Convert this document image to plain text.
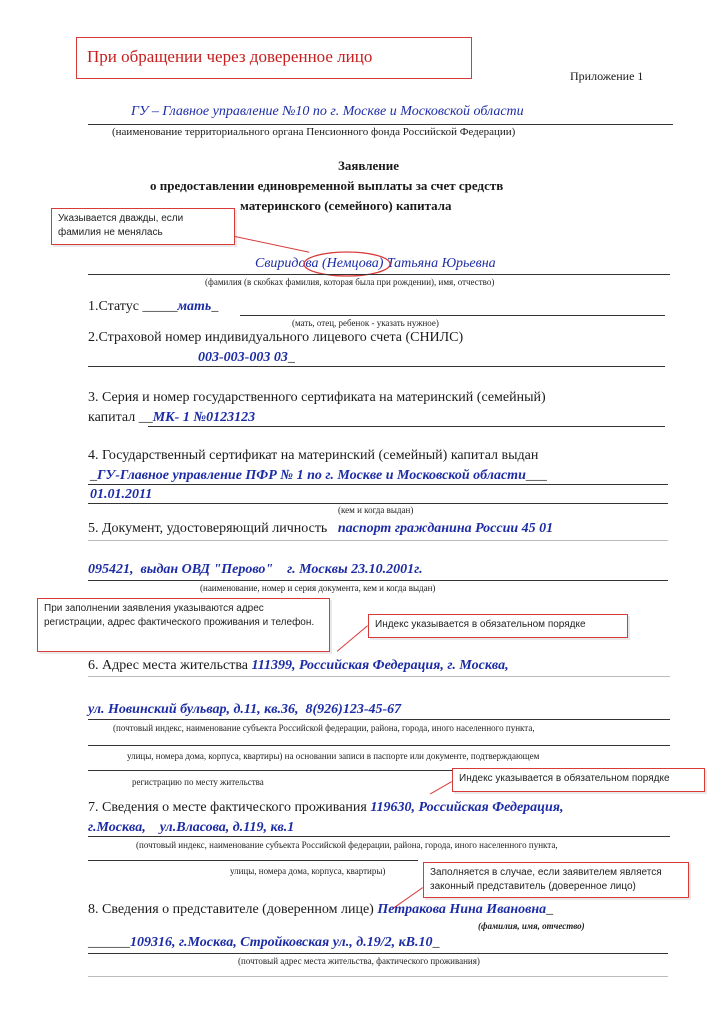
При обращении через доверенное лицо
Приложение 1
ГУ – Главное управление №10 по г. Москве и Московской области
(наименование территориального органа Пенсионного фонда Российской Федерации)
Заявление
о предоставлении единовременной выплаты за счет средств
материнского (семейного) капитала
Указывается дважды, если фамилия не менялась
Свиридова (Немцова) Татьяна Юрьевна
(фамилия (в скобках фамилия, которая была при рождении), имя, отчество)
1.Статус _____мать_
(мать, отец, ребенок - указать нужное)
2.Страховой номер индивидуального лицевого счета (СНИЛС)
003-003-003 03_
3. Серия и номер государственного сертификата на материнский (семейный)
капитал __МК- 1 №0123123
4. Государственный сертификат на материнский (семейный) капитал выдан
_ГУ-Главное управление ПФР № 1 по г. Москве и Московской области___
01.01.2011
(кем и когда выдан)
5. Документ, удостоверяющий личность паспорт гражданина России 45 01
095421,  выдан ОВД "Перово"    г. Москвы 23.10.2001г.
(наименование, номер и серия документа, кем и когда выдан)
При заполнении заявления указываются адрес регистрации, адрес фактического проживания и телефон.	Индекс указывается в обязательном порядке
6. Адрес места жительства 111399, Российская Федерация, г. Москва,
ул. Новинский бульвар, д.11, кв.36,  8(926)123-45-67
(почтовый индекс, наименование субъекта Российской федерации, района, города, иного населенного пункта,
улицы, номера дома, корпуса, квартиры) на основании записи в паспорте или документе, подтверждающем
регистрацию по месту жительства	Индекс указывается в обязательном порядке
7. Сведения о месте фактического проживания 119630, Российская Федерация,
г.Москва,    ул.Власова, д.119, кв.1
(почтовый индекс, наименование субъекта Российской федерации, района, города, иного населенного пункта,
улицы, номера дома, корпуса, квартиры)	Заполняется в случае, если заявителем является законный представитель (доверенное лицо)
8. Сведения о представителе (доверенном лице) Петракова Нина Ивановна_
(фамилия, имя, отчество)
______109316, г.Москва, Стройковская ул., д.19/2, кВ.10_
(почтовый адрес места жительства, фактического проживания)
